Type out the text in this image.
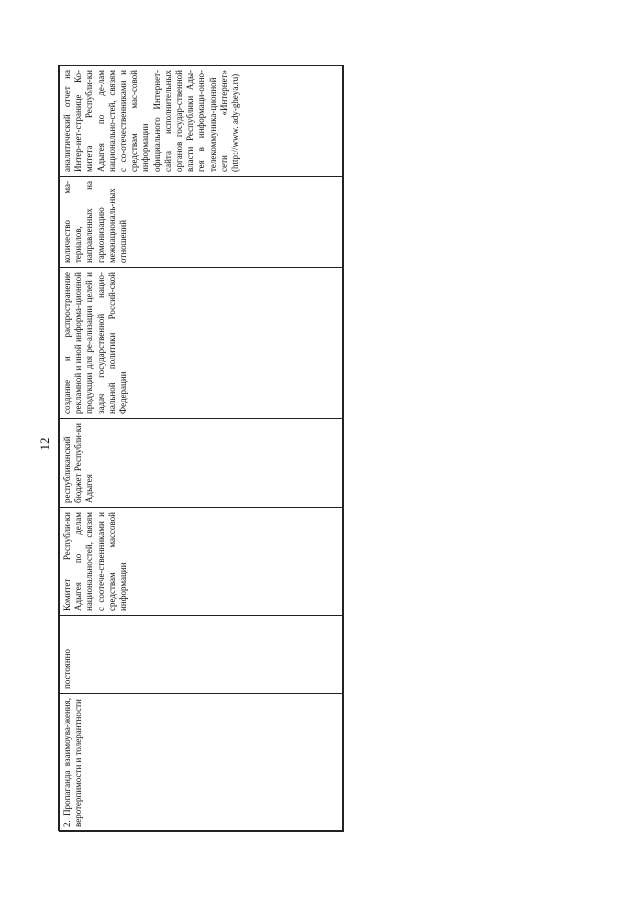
12
2. Пропаганда взаимоува-жения, веротерпимости и толерантности	постоянно	Комитет Республи-ки Адыгея по делам национальностей, связям с соотече-ственниками и средствам массовой информации	республиканский бюджет Республи-ки Адыгея	создание и распространение рекламной и иной информа-ционной продукции для ре-ализации целей и задач государственной нацио-нальной политики Россий-ской Федерации	количество ма-териалов, направленных на гармонизацию межнациональ-ных отношений	аналитический отчет на Интер-нет-странице Ко-митета Республи-ки Адыгея по де-лам национально-стей, связям с со-отечественниками и средствам мас-совой информации официального Интернет-сайта исполнительных органов государ-ственной власти Республики Ады-гея в информаци-онно-телекоммуника-ционной сети «Интернет» (http://www. ady-gheya.ru)
